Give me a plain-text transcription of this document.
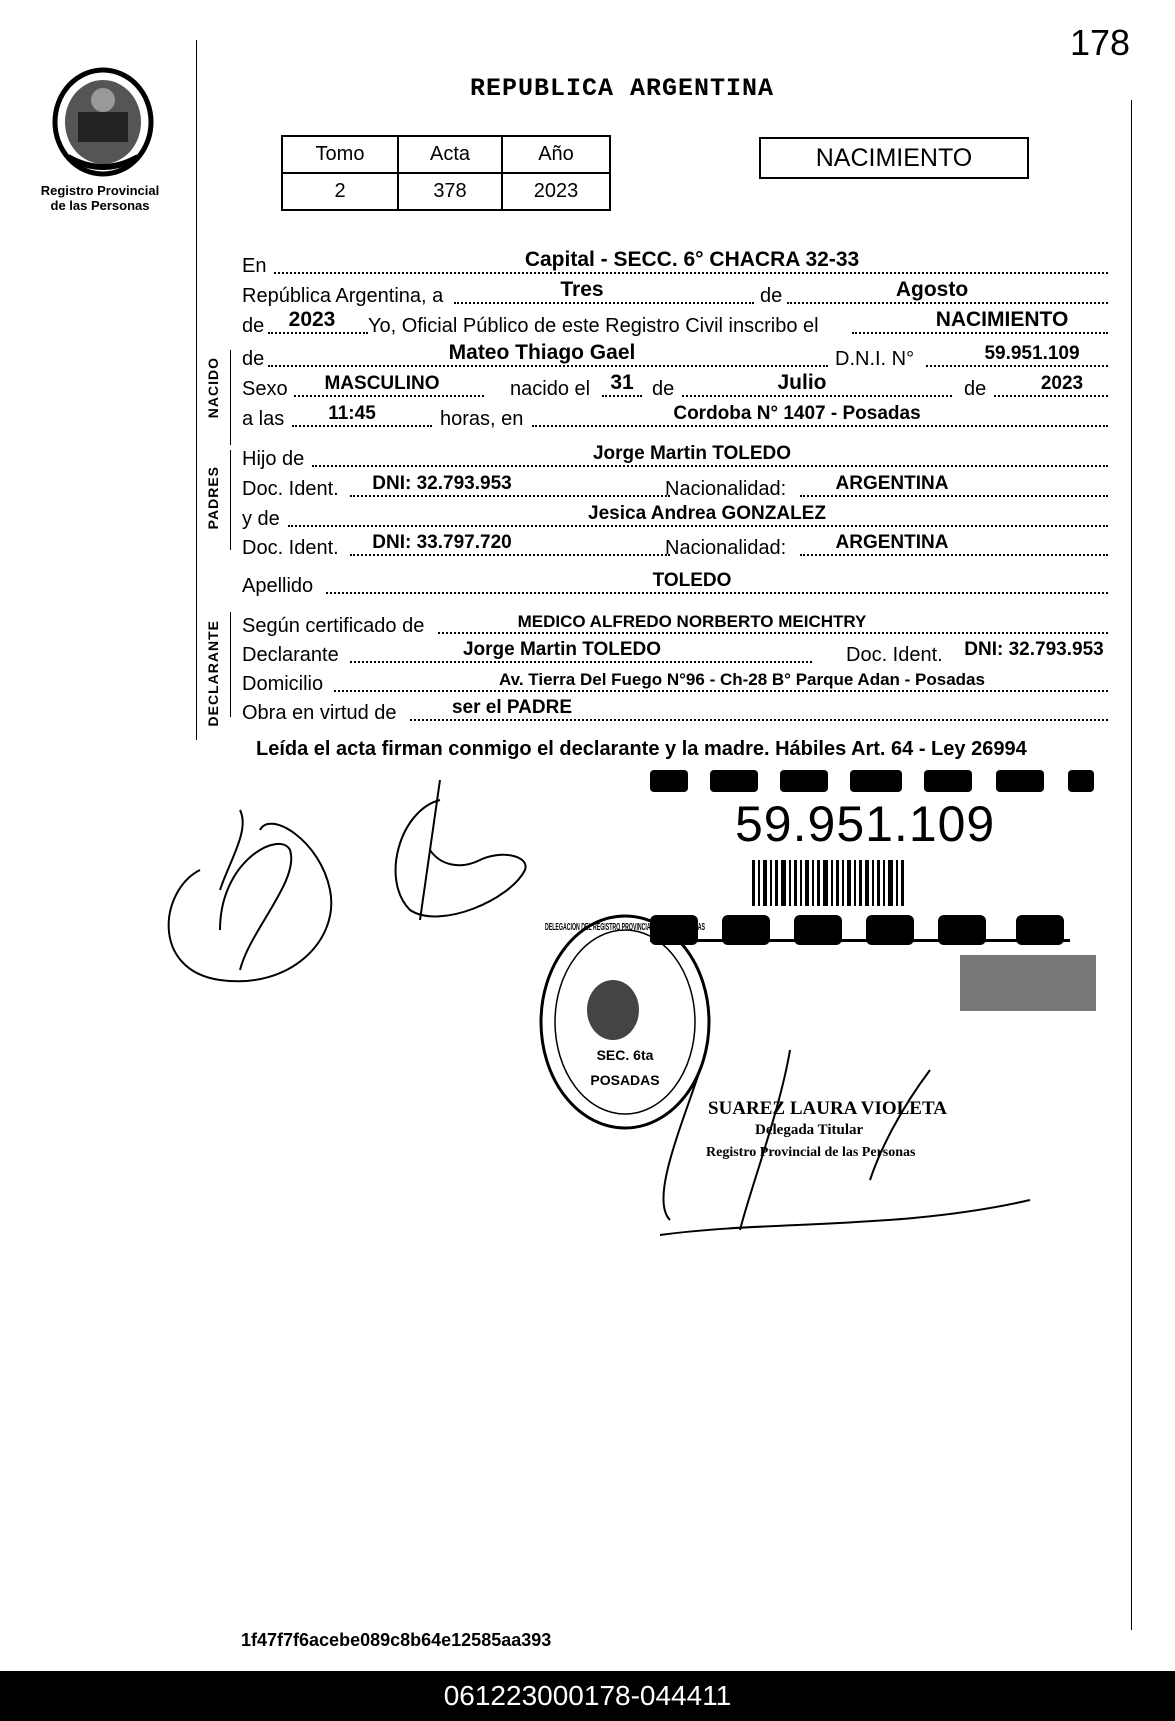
178
Registro Provincial
de las Personas
REPUBLICA ARGENTINA
Tomo	Acta	Año
2	378	2023
NACIMIENTO
NACIDO
PADRES
DECLARANTE
En	Capital - SECC. 6° CHACRA 32-33
República Argentina, a	Tres	de	Agosto
de	2023	Yo, Oficial Público de este Registro Civil inscribo el	NACIMIENTO
de	Mateo Thiago Gael	D.N.I. N°	59.951.109
Sexo	MASCULINO	nacido el 31 de	Julio	de	2023
a las	11:45	horas, en	Cordoba N° 1407 - Posadas
Hijo de	Jorge Martin TOLEDO
Doc. Ident.	DNI: 32.793.953	Nacionalidad:	ARGENTINA
y de	Jesica Andrea GONZALEZ
Doc. Ident.	DNI: 33.797.720	Nacionalidad:	ARGENTINA
Apellido	TOLEDO
Según certificado de	MEDICO ALFREDO NORBERTO MEICHTRY
Declarante	Jorge Martin TOLEDO	Doc. Ident.	DNI: 32.793.953
Domicilio	Av. Tierra Del Fuego N°96 - Ch-28 B° Parque Adan - Posadas
Obra en virtud de	ser el PADRE
Leída el acta firman conmigo el declarante y la madre. Hábiles Art. 64 - Ley 26994
59.951.109
DELEGACION DEL REGISTRO PROVINCIAL DE LAS PERSONAS
SEC. 6ta
POSADAS
SUAREZ LAURA VIOLETA
Delegada Titular
Registro Provincial de las Personas
1f47f7f6acebe089c8b64e12585aa393
061223000178-044411
